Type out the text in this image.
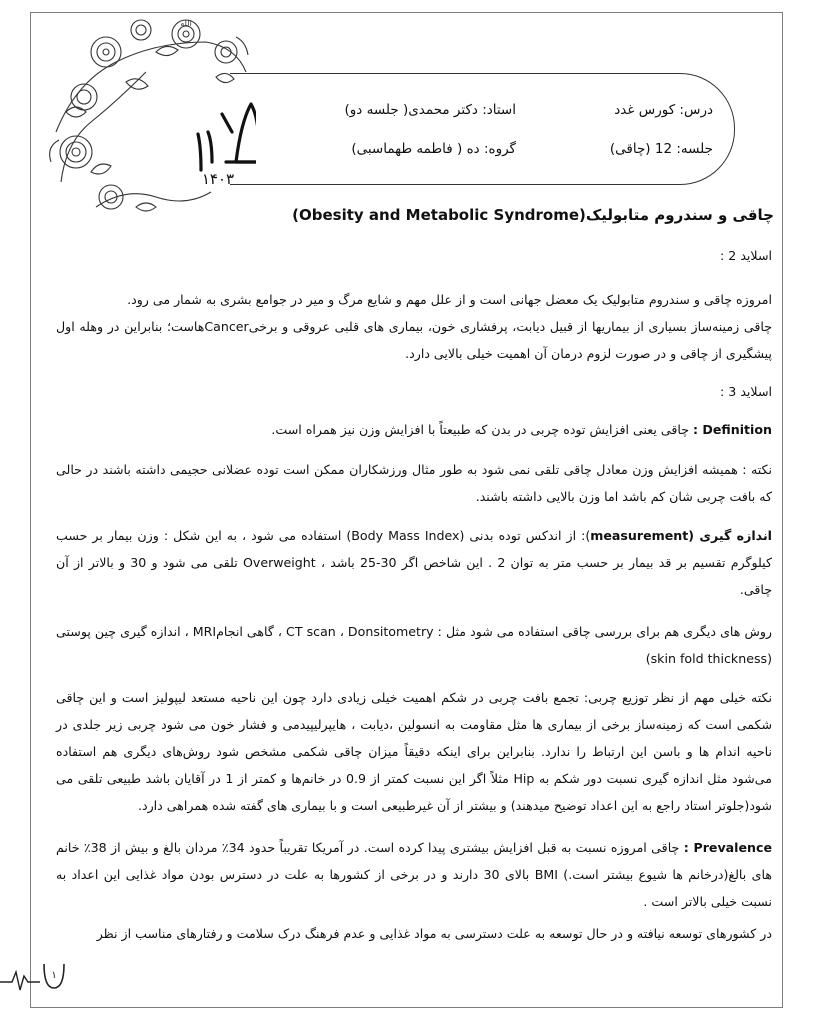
الله
۱۴۰۳
درس: کورس غدد
استاد: دکتر محمدی( جلسه دو)
جلسه: 12 (چاقی)
گروه: ده ( فاطمه طهماسبی)
چاقی و سندروم متابولیک(Obesity and Metabolic Syndrome)
اسلاید 2 :
امروزه چاقی و سندروم متابولیک یک معضل جهانی است و از علل مهم و شایع مرگ و میر در جوامع بشری به شمار می رود.
چاقی زمینه‌ساز بسیاری از بیماریها از قبیل دیابت، پرفشاری خون، بیماری های قلبی عروقی و برخیCancerهاست؛ بنابراین در وهله اول پیشگیری از چاقی و در صورت لزوم درمان آن اهمیت خیلی بالایی دارد.
اسلاید 3 :
Definition : چاقی یعنی افزایش توده چربی در بدن که طبیعتاً با افزایش وزن نیز همراه است.
نکته : همیشه افزایش وزن معادل چاقی تلقی نمی شود به طور مثال ورزشکاران ممکن است توده عضلانی حجیمی داشته باشند در حالی که بافت چربی شان کم باشد اما وزن بالایی داشته باشند.
اندازه گیری (measurement): از اندکس توده بدنی (Body Mass Index) استفاده می شود ، به این شکل : وزن بیمار بر حسب کیلوگرم تقسیم بر قد بیمار بر حسب متر به توان 2 . این شاخص اگر 30-25 باشد ، Overweight تلقی می شود و 30 و بالاتر از آن چاقی.
روش های دیگری هم برای بررسی چاقی استفاده می شود مثل : CT scan ، Donsitometry ، گاهی انجامMRI ، اندازه گیری چین پوستی (skin fold thickness)
نکته خیلی مهم از نظر توزیع چربی: تجمع بافت چربی در شکم اهمیت خیلی زیادی دارد چون این ناحیه مستعد لیپولیز است و این چاقی شکمی است که زمینه‌ساز برخی از بیماری ها مثل مقاومت به انسولین ،دیابت ، هایپرلیپیدمی و فشار خون می شود چربی زیر جلدی در ناحیه اندام ها و باسن این ارتباط را ندارد. بنابراین برای اینکه دقیقاً میزان چاقی شکمی مشخص شود روش‌های دیگری هم استفاده می‌شود مثل اندازه گیری نسبت دور شکم به Hip مثلاً اگر این نسبت کمتر از 0.9 در خانم‌ها و کمتر از 1 در آقایان باشد طبیعی تلقی می شود(جلوتر استاد راجع به این اعداد توضیح میدهند) و بیشتر از آن غیرطبیعی است و با بیماری های گفته شده همراهی دارد.
Prevalence : چاقی امروزه نسبت به قبل افزایش بیشتری پیدا کرده است. در آمریکا تقریباً حدود 34٪ مردان بالغ و بیش از 38٪ خانم های بالغ(درخانم ها شیوع بیشتر است.) BMI بالای 30 دارند و در برخی از کشورها به علت در دسترس بودن مواد غذایی این اعداد به نسبت خیلی بالاتر است .
در کشورهای توسعه نیافته و در حال توسعه به علت دسترسی به مواد غذایی و عدم فرهنگ درک سلامت و رفتارهای مناسب از نظر
۱
